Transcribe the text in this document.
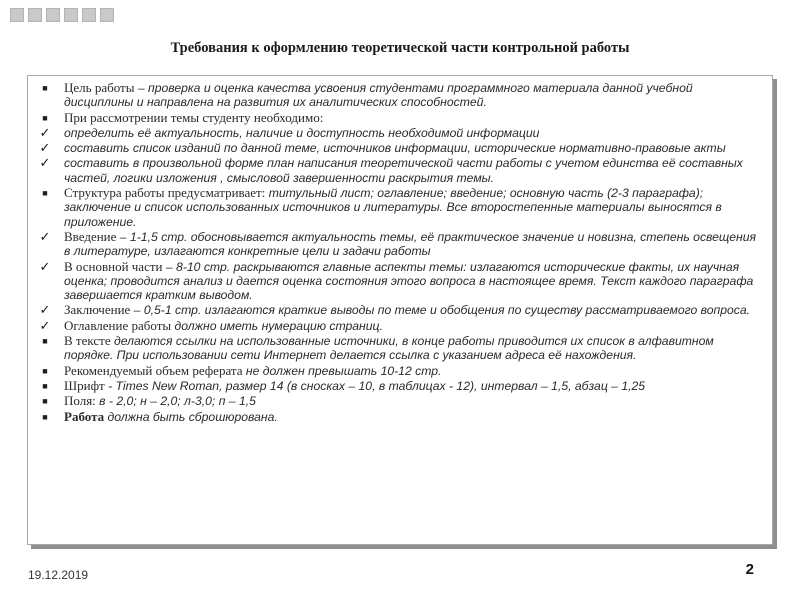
Требования к оформлению теоретической части контрольной работы
■	Цель работы – проверка и оценка качества усвоения студентами программного материала данной учебной дисциплины и направлена на развития их аналитических способностей.
■	При рассмотрении темы студенту необходимо:
✓ определить её актуальность, наличие и доступность необходимой информации
✓ составить список изданий по данной теме, источников информации, исторические нормативно-правовые акты
✓ составить в произвольной форме план написания теоретической части работы с учетом единства её составных частей, логики изложения , смысловой завершенности раскрытия темы.
■	Структура работы предусматривает: титульный лист; оглавление; введение; основную часть (2-3 параграфа); заключение и список использованных источников и литературы. Все второстепенные материалы выносятся в приложение.
✓ Введение – 1-1,5 стр. обосновывается актуальность темы, её практическое значение и новизна, степень освещения в литературе, излагаются конкретные цели и задачи работы
✓ В основной части – 8-10 стр. раскрываются главные аспекты темы: излагаются исторические факты, их научная оценка; проводится анализ и дается оценка состояния этого вопроса в настоящее время. Текст каждого параграфа завершается кратким выводом.
✓ Заключение – 0,5-1 стр. излагаются краткие выводы по теме и обобщения по существу рассматриваемого вопроса.
✓ Оглавление работы должно иметь нумерацию страниц.
■	В тексте делаются ссылки на использованные источники, в конце работы приводится их список в алфавитном порядке. При использовании сети Интернет делается ссылка с указанием адреса её нахождения.
■	Рекомендуемый объем реферата не должен превышать 10-12 стр.
■	Шрифт - Times New Roman, размер 14 (в сносках – 10, в таблицах - 12), интервал – 1,5, абзац – 1,25
■	Поля: в - 2,0; н – 2,0; л-3,0; п – 1,5
■	Работа должна быть сброшюрована.
19.12.2019	2
